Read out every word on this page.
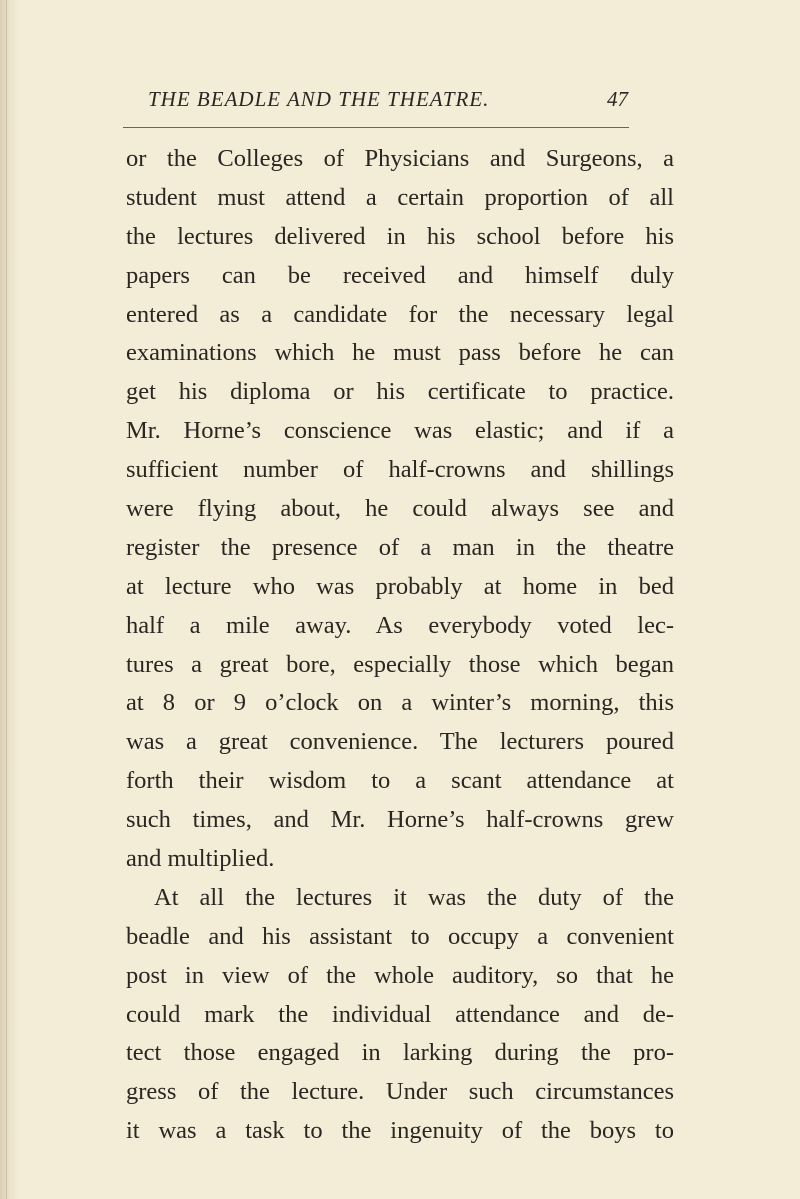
THE BEADLE AND THE THEATRE.	47
or the Colleges of Physicians and Surgeons, a
student must attend a certain proportion of all
the lectures delivered in his school before his
papers can be received and himself duly
entered as a candidate for the necessary legal
examinations which he must pass before he can
get his diploma or his certificate to practice.
Mr. Horne’s conscience was elastic; and if a
sufficient number of half-crowns and shillings
were flying about, he could always see and
register the presence of a man in the theatre
at lecture who was probably at home in bed
half a mile away. As everybody voted lec-
tures a great bore, especially those which began
at 8 or 9 o’clock on a winter’s morning, this
was a great convenience. The lecturers poured
forth their wisdom to a scant attendance at
such times, and Mr. Horne’s half-crowns grew
and multiplied.
At all the lectures it was the duty of the
beadle and his assistant to occupy a convenient
post in view of the whole auditory, so that he
could mark the individual attendance and de-
tect those engaged in larking during the pro-
gress of the lecture. Under such circumstances
it was a task to the ingenuity of the boys to
